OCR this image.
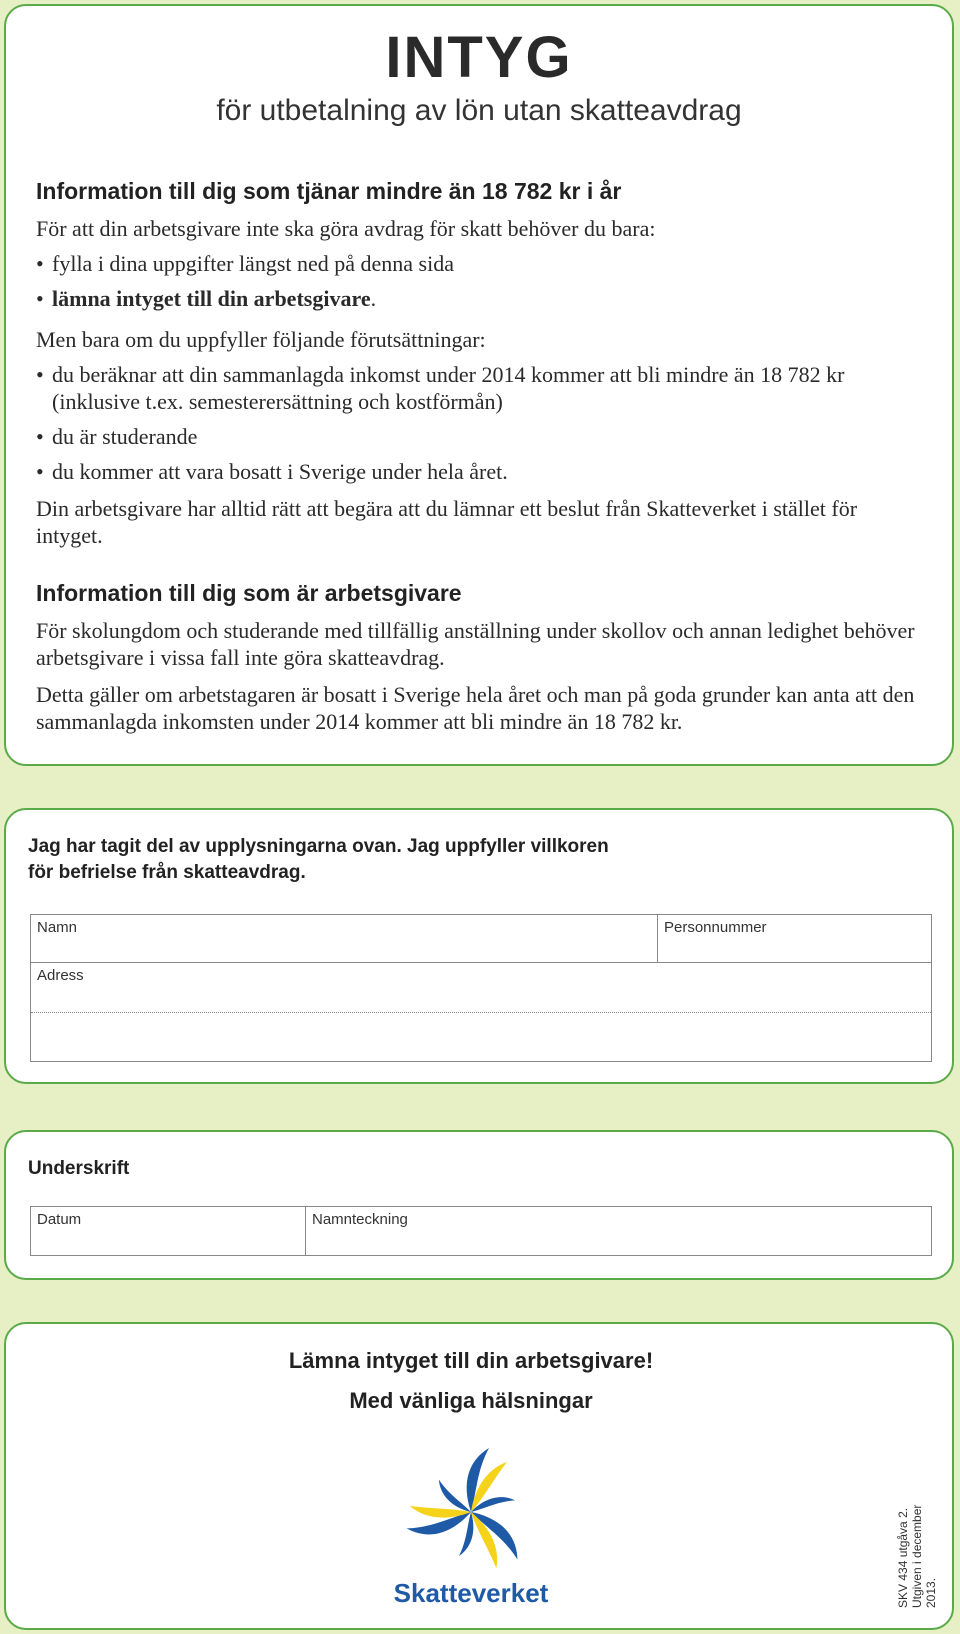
INTYG
för utbetalning av lön utan skatteavdrag
Information till dig som tjänar mindre än 18 782 kr i år

För att din arbetsgivare inte ska göra avdrag för skatt behöver du bara:

• fylla i dina uppgifter längst ned på denna sida
• lämna intyget till din arbetsgivare.

Men bara om du uppfyller följande förutsättningar:

• du beräknar att din sammanlagda inkomst under 2014 kommer att bli mindre än 18 782 kr (inklusive t.ex. semesterersättning och kostförmån)
• du är studerande
• du kommer att vara bosatt i Sverige under hela året.

Din arbetsgivare har alltid rätt att begära att du lämnar ett beslut från Skatteverket i stället för intyget.

Information till dig som är arbetsgivare

För skolungdom och studerande med tillfällig anställning under skollov och annan ledighet behöver arbetsgivare i vissa fall inte göra skatteavdrag.

Detta gäller om arbetstagaren är bosatt i Sverige hela året och man på goda grunder kan anta att den sammanlagda inkomsten under 2014 kommer att bli mindre än 18 782 kr.

Jag har tagit del av upplysningarna ovan. Jag uppfyller villkoren för befrielse från skatteavdrag.
Namn	Personnummer
Adress
Underskrift
Datum	Namnteckning
Lämna intyget till din arbetsgivare!
Med vänliga hälsningar
Skatteverket	SKV 434 utgåva 2. Utgiven i december 2013.
